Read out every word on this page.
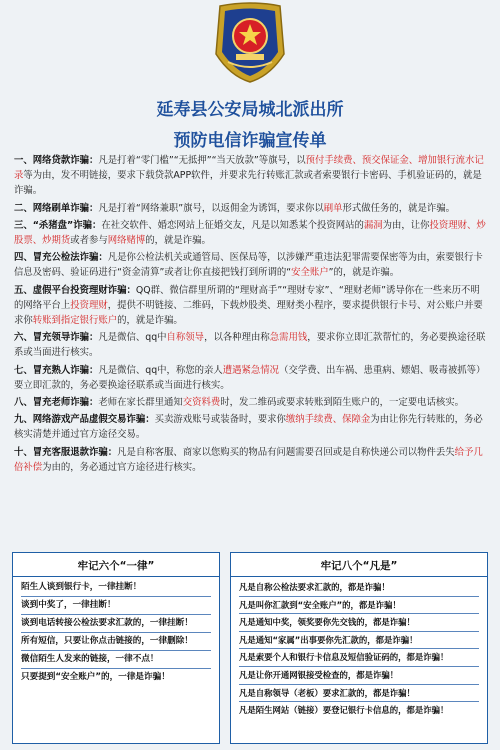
延寿县公安局城北派出所
预防电信诈骗宣传单
一、网络贷款诈骗：凡是打着“零门槛”“无抵押”“当天放款”等旗号，以预付手续费、预交保证金、增加银行流水记录等为由，发不明链接，要求下载贷款APP软件，并要求先行转账汇款或者索要银行卡密码、手机验证码的，就是诈骗。
二、网络刷单诈骗：凡是打着“网络兼职”旗号，以返佣金为诱饵，要求你以刷单形式做任务的，就是诈骗。
三、“杀猪盘”诈骗：在社交软件、婚恋网站上征婚交友，凡是以知悉某个投资网站的漏洞为由，让你投资理财、炒股票、炒期货或者参与网络赌博的，就是诈骗。
四、冒充公检法诈骗：凡是你公检法机关或通管局、医保局等，以涉嫌严重违法犯罪需要保密等为由，索要银行卡信息及密码、验证码进行“资金清算”或者让你直接把钱打到所谓的“安全账户”的，就是诈骗。
五、虚假平台投资理财诈骗：QQ群、微信群里所谓的“理财高手”“理财专家”、“理财老师”诱导你在一些来历不明的网络平台上投资理财，提供不明链接、二维码，下载炒股类、理财类小程序，要求提供银行卡号、对公账户并要求你转账到指定银行账户的，就是诈骗。
六、冒充领导诈骗：凡是微信、qq中自称领导，以各种理由称急需用钱，要求你立即汇款帮忙的，务必要换途径联系或当面进行核实。
七、冒充熟人诈骗：凡是微信、qq中，称您的亲人遭遇紧急情况（交学费、出车祸、患重病、嫖娼、吸毒被抓等）要立即汇款的，务必要换途径联系或当面进行核实。
八、冒充老师诈骗：老师在家长群里通知交资料费时，发二维码或要求转账到陌生账户的，一定要电话核实。
九、网络游戏产品虚假交易诈骗：买卖游戏账号或装备时，要求你缴纳手续费、保障金为由让你先行转账的，务必核实清楚并通过官方途径交易。
十、冒充客服退款诈骗：凡是自称客服、商家以您购买的物品有问题需要召回或是自称快递公司以物件丢失给予几倍补偿为由的，务必通过官方途径进行核实。
牢记六个“一律”
陌生人谈到银行卡，一律挂断！
谈到中奖了，一律挂断！
谈到电话转接公检法要求汇款的，一律挂断！
所有短信，只要让你点击链接的，一律删除！
微信陌生人发来的链接，一律不点！
只要提到“安全账户”的，一律是诈骗！
牢记八个“凡是”
凡是自称公检法要求汇款的，都是诈骗！
凡是叫你汇款到“安全账户”的，都是诈骗！
凡是通知中奖，领奖要你先交钱的，都是诈骗！
凡是通知“家属”出事要你先汇款的，都是诈骗！
凡是索要个人和银行卡信息及短信验证码的，都是诈骗！
凡是让你开通网银接受检查的，都是诈骗！
凡是自称领导（老板）要求汇款的，都是诈骗！
凡是陌生网站（链接）要登记银行卡信息的，都是诈骗！
